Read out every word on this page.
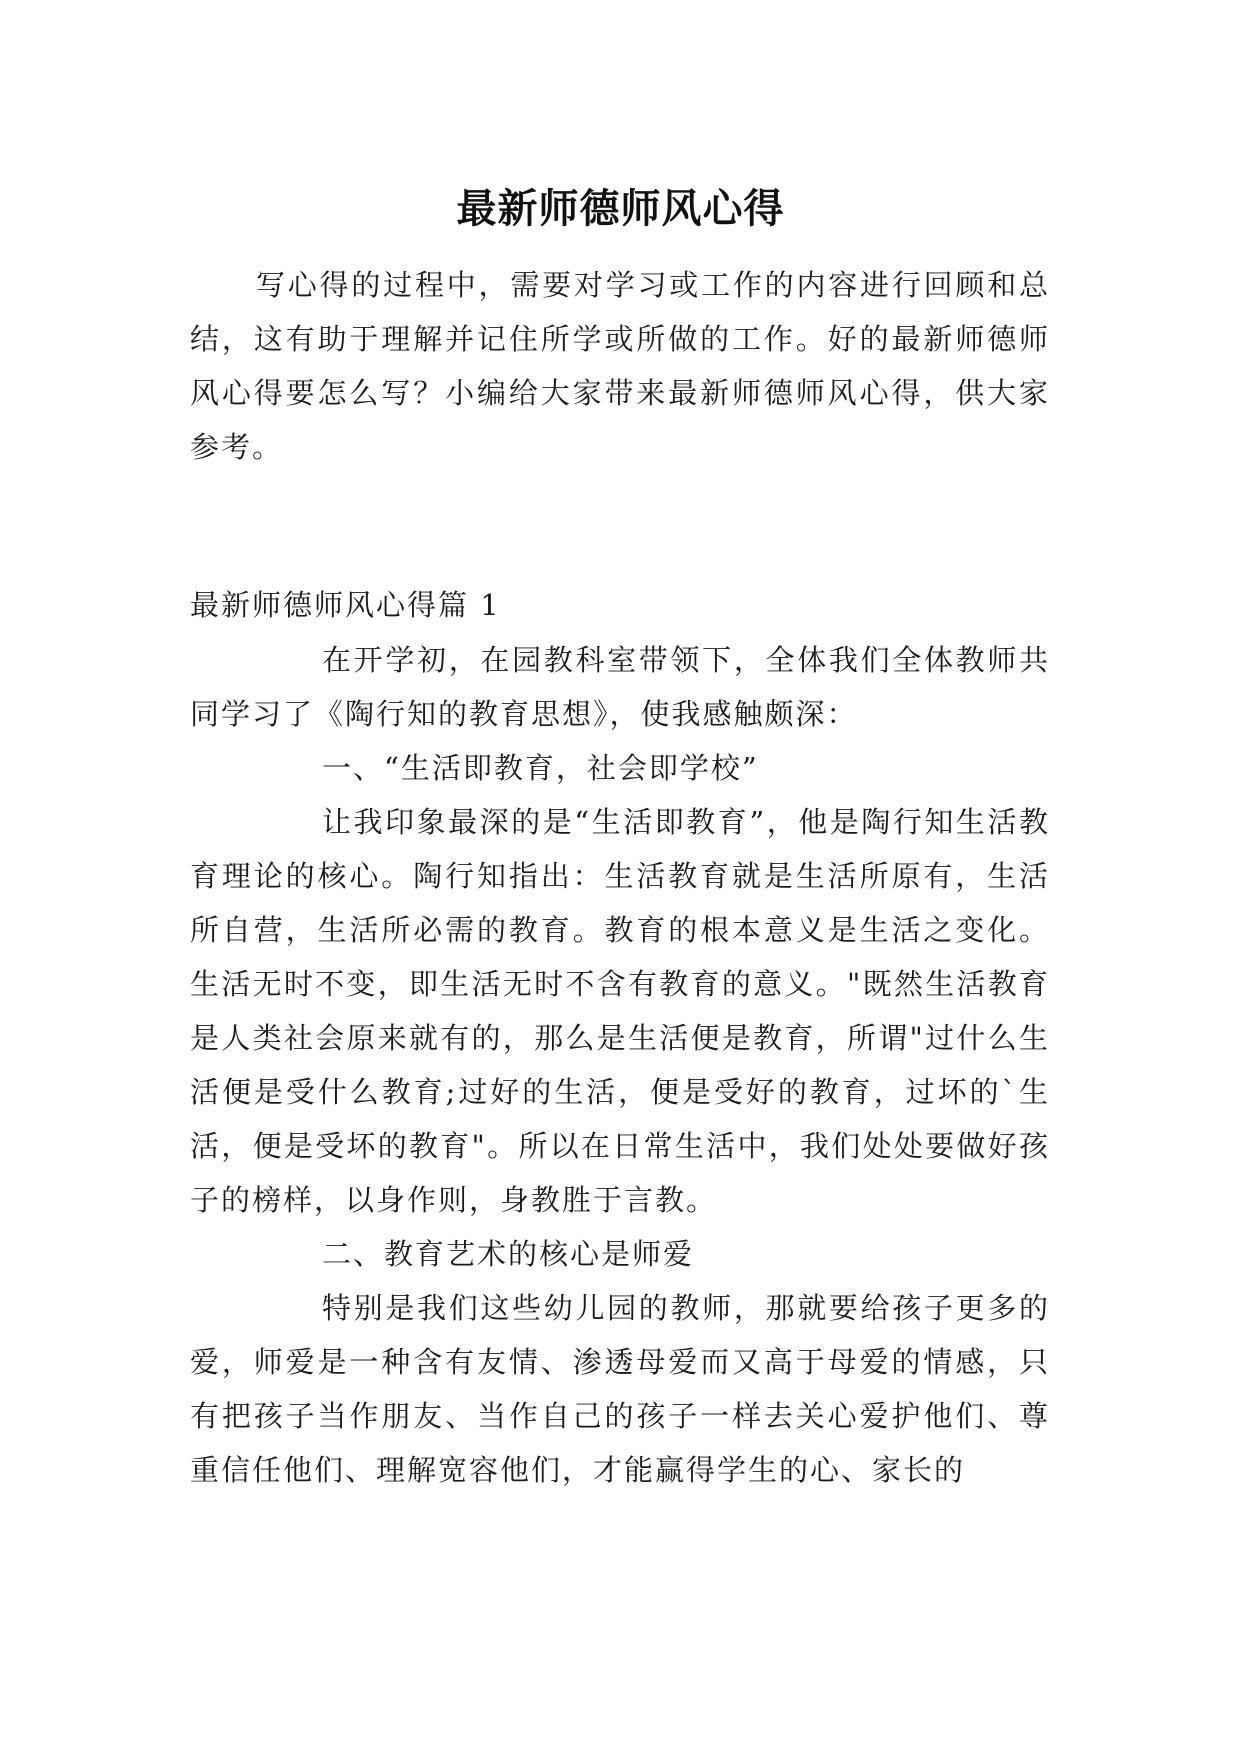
最新师德师风心得

写心得的过程中，需要对学习或工作的内容进行回顾和总结，这有助于理解并记住所学或所做的工作。好的最新师德师风心得要怎么写？小编给大家带来最新师德师风心得，供大家参考。

最新师德师风心得篇 1

在开学初，在园教科室带领下，全体我们全体教师共同学习了《陶行知的教育思想》，使我感触颇深：

一、“生活即教育，社会即学校”

让我印象最深的是“生活即教育”，他是陶行知生活教育理论的核心。陶行知指出：生活教育就是生活所原有，生活所自营，生活所必需的教育。教育的根本意义是生活之变化。生活无时不变，即生活无时不含有教育的意义。"既然生活教育是人类社会原来就有的，那么是生活便是教育，所谓"过什么生活便是受什么教育;过好的生活，便是受好的教育，过坏的`生活，便是受坏的教育"。所以在日常生活中，我们处处要做好孩子的榜样，以身作则，身教胜于言教。

二、教育艺术的核心是师爱

特别是我们这些幼儿园的教师，那就要给孩子更多的爱，师爱是一种含有友情、渗透母爱而又高于母爱的情感，只有把孩子当作朋友、当作自己的孩子一样去关心爱护他们、尊重信任他们、理解宽容他们，才能赢得学生的心、家长的
